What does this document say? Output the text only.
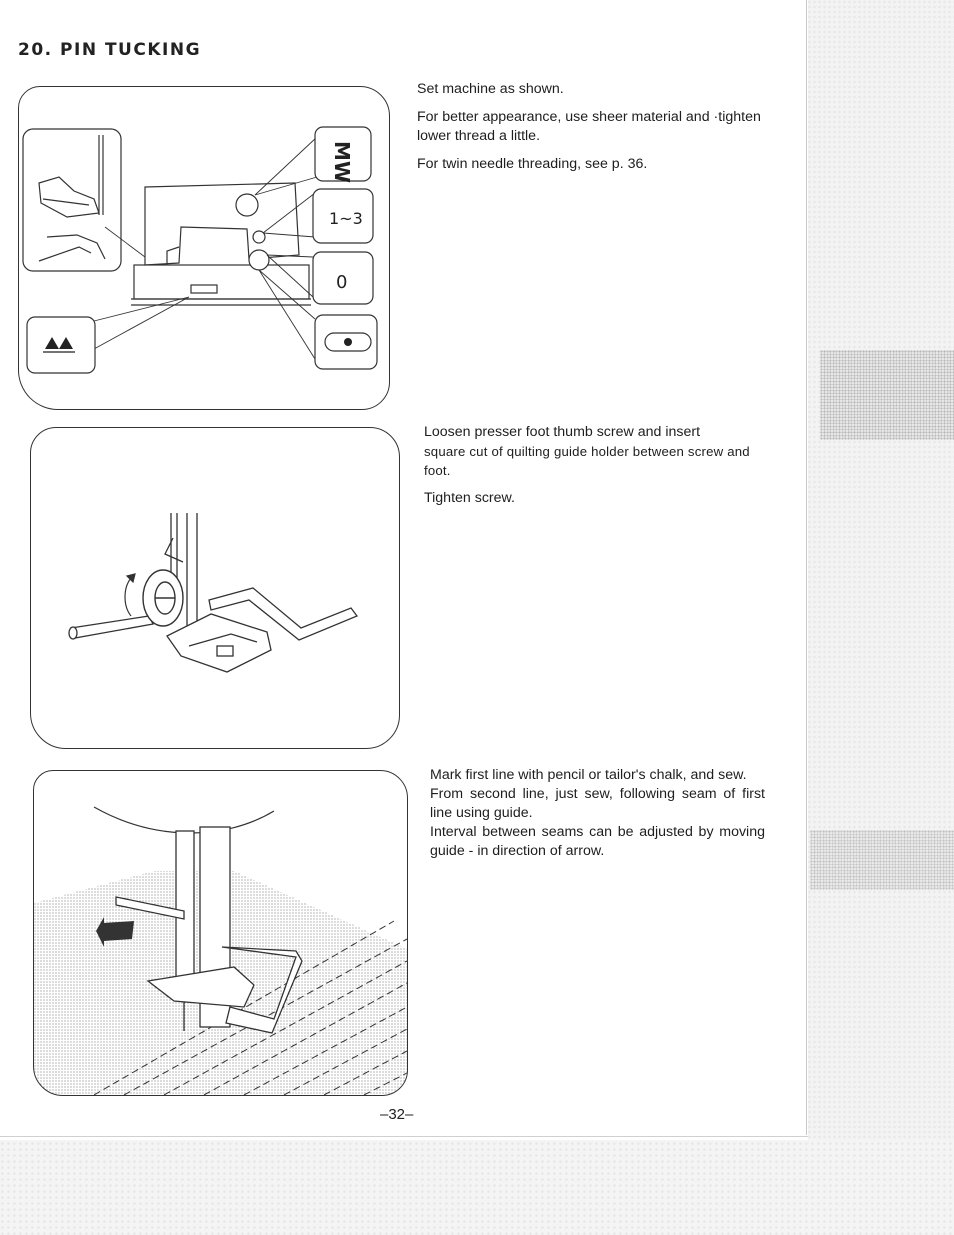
20. PIN TUCKING
MW
1~3
0

Set machine as shown.

For better appearance, use sheer material and ·tighten lower thread a little.

For twin needle threading, see p. 36.

Loosen presser foot thumb screw and insert

square cut of quilting guide holder between screw and foot.

Tighten screw.

Mark first line with pencil or tailor's chalk, and sew.

From second line, just sew, following seam of first line using guide.

Interval between seams can be adjusted by moving guide - in direction of arrow.

–32–
